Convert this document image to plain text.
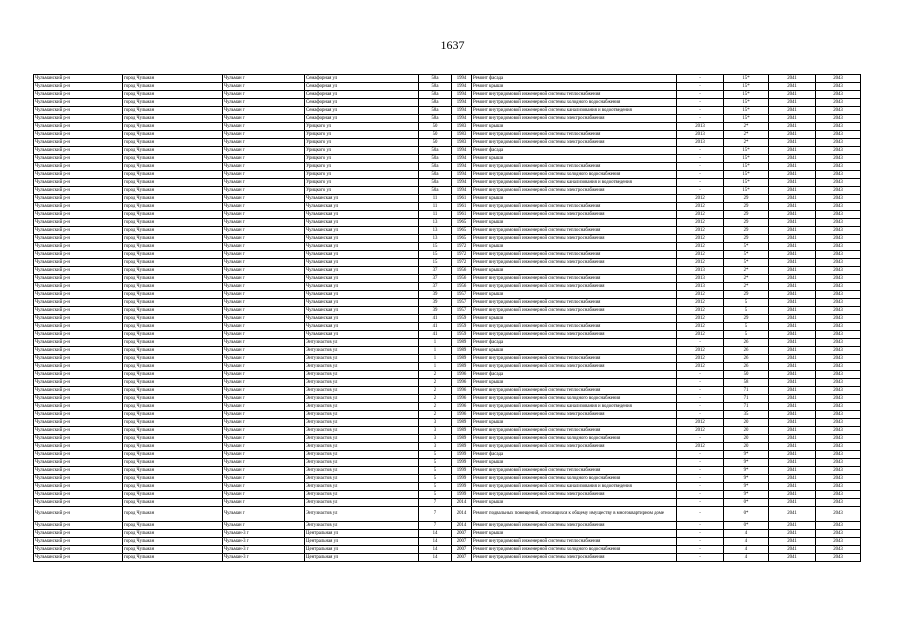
1637
Чульманский р-н	город Чульман	Чульман г	Семафорная ул	58а	1994	Ремонт фасада	-	15*	2041	2043
Чульманский р-н	город Чульман	Чульман г	Семафорная ул	58а	1994	Ремонт крыши	-	15*	2041	2043
Чульманский р-н	город Чульман	Чульман г	Семафорная ул	58а	1994	Ремонт внутридомовой инженерной системы теплоснабжения	-	15*	2041	2043
Чульманский р-н	город Чульман	Чульман г	Семафорная ул	58а	1994	Ремонт внутридомовой инженерной системы холодного водоснабжения	-	15*	2041	2043
Чульманский р-н	город Чульман	Чульман г	Семафорная ул	58а	1994	Ремонт внутридомовой инженерной системы канализования и водоотведения	-	15*	2041	2043
Чульманский р-н	город Чульман	Чульман г	Семафорная ул	58а	1994	Ремонт внутридомовой инженерной системы электроснабжения	-	15*	2041	2043
Чульманский р-н	город Чульман	Чульман г	Урицкого ул	50	1983	Ремонт крыши	2013	2*	2041	2043
Чульманский р-н	город Чульман	Чульман г	Урицкого ул	50	1983	Ремонт внутридомовой инженерной системы теплоснабжения	2013	2*	2041	2043
Чульманский р-н	город Чульман	Чульман г	Урицкого ул	50	1983	Ремонт внутридомовой инженерной системы электроснабжения	2013	2*	2041	2043
Чульманский р-н	город Чульман	Чульман г	Урицкого ул	50а	1994	Ремонт фасада	-	15*	2041	2043
Чульманский р-н	город Чульман	Чульман г	Урицкого ул	50а	1994	Ремонт крыши	-	15*	2041	2043
Чульманский р-н	город Чульман	Чульман г	Урицкого ул	50а	1994	Ремонт внутридомовой инженерной системы теплоснабжения	-	15*	2041	2043
Чульманский р-н	город Чульман	Чульман г	Урицкого ул	50а	1994	Ремонт внутридомовой инженерной системы холодного водоснабжения	-	15*	2041	2043
Чульманский р-н	город Чульман	Чульман г	Урицкого ул	50а	1994	Ремонт внутридомовой инженерной системы канализования и водоотведения	-	15*	2041	2043
Чульманский р-н	город Чульман	Чульман г	Урицкого ул	50а	1994	Ремонт внутридомовой инженерной системы электроснабжения	-	15*	2041	2043
Чульманский р-н	город Чульман	Чульман г	Чульманская ул	11	1961	Ремонт крыши	2012	29	2041	2043
Чульманский р-н	город Чульман	Чульман г	Чульманская ул	11	1961	Ремонт внутридомовой инженерной системы теплоснабжения	2012	29	2041	2043
Чульманский р-н	город Чульман	Чульман г	Чульманская ул	11	1961	Ремонт внутридомовой инженерной системы электроснабжения	2012	29	2041	2043
Чульманский р-н	город Чульман	Чульман г	Чульманская ул	13	1965	Ремонт крыши	2012	29	2041	2043
Чульманский р-н	город Чульман	Чульман г	Чульманская ул	13	1965	Ремонт внутридомовой инженерной системы теплоснабжения	2012	29	2041	2043
Чульманский р-н	город Чульман	Чульман г	Чульманская ул	13	1965	Ремонт внутридомовой инженерной системы электроснабжения	2012	29	2041	2043
Чульманский р-н	город Чульман	Чульман г	Чульманская ул	15	1972	Ремонт крыши	2012	5*	2041	2043
Чульманский р-н	город Чульман	Чульман г	Чульманская ул	15	1972	Ремонт внутридомовой инженерной системы теплоснабжения	2012	5*	2041	2043
Чульманский р-н	город Чульман	Чульман г	Чульманская ул	15	1972	Ремонт внутридомовой инженерной системы электроснабжения	2012	5*	2041	2043
Чульманский р-н	город Чульман	Чульман г	Чульманская ул	37	1956	Ремонт крыши	2013	2*	2041	2043
Чульманский р-н	город Чульман	Чульман г	Чульманская ул	37	1956	Ремонт внутридомовой инженерной системы теплоснабжения	2013	2*	2041	2043
Чульманский р-н	город Чульман	Чульман г	Чульманская ул	37	1956	Ремонт внутридомовой инженерной системы электроснабжения	2013	2*	2041	2043
Чульманский р-н	город Чульман	Чульман г	Чульманская ул	39	1957	Ремонт крыши	2012	29	2041	2043
Чульманский р-н	город Чульман	Чульман г	Чульманская ул	39	1957	Ремонт внутридомовой инженерной системы теплоснабжения	2012	5	2041	2043
Чульманский р-н	город Чульман	Чульман г	Чульманская ул	39	1957	Ремонт внутридомовой инженерной системы электроснабжения	2012	5	2041	2043
Чульманский р-н	город Чульман	Чульман г	Чульманская ул	41	1959	Ремонт крыши	2012	29	2041	2043
Чульманский р-н	город Чульман	Чульман г	Чульманская ул	41	1959	Ремонт внутридомовой инженерной системы теплоснабжения	2012	5	2041	2043
Чульманский р-н	город Чульман	Чульман г	Чульманская ул	41	1959	Ремонт внутридомовой инженерной системы электроснабжения	2012	5	2041	2043
Чульманский р-н	город Чульман	Чульман г	Энтузиастов ул	1	1989	Ремонт фасада	-	26	2041	2043
Чульманский р-н	город Чульман	Чульман г	Энтузиастов ул	1	1989	Ремонт крыши	2012	26	2041	2043
Чульманский р-н	город Чульман	Чульман г	Энтузиастов ул	1	1989	Ремонт внутридомовой инженерной системы теплоснабжения	2012	26	2041	2043
Чульманский р-н	город Чульман	Чульман г	Энтузиастов ул	1	1989	Ремонт внутридомовой инженерной системы электроснабжения	2012	26	2041	2043
Чульманский р-н	город Чульман	Чульман г	Энтузиастов ул	2	1996	Ремонт фасада	-	50	2041	2043
Чульманский р-н	город Чульман	Чульман г	Энтузиастов ул	2	1996	Ремонт крыши	-	58	2041	2043
Чульманский р-н	город Чульман	Чульман г	Энтузиастов ул	2	1996	Ремонт внутридомовой инженерной системы теплоснабжения	-	71	2041	2043
Чульманский р-н	город Чульман	Чульман г	Энтузиастов ул	2	1996	Ремонт внутридомовой инженерной системы холодного водоснабжения	-	71	2041	2043
Чульманский р-н	город Чульман	Чульман г	Энтузиастов ул	2	1996	Ремонт внутридомовой инженерной системы канализования и водоотведения	-	71	2041	2043
Чульманский р-н	город Чульман	Чульман г	Энтузиастов ул	2	1996	Ремонт внутридомовой инженерной системы электроснабжения	-	35	2041	2043
Чульманский р-н	город Чульман	Чульман г	Энтузиастов ул	3	1989	Ремонт крыши	2012	20	2041	2043
Чульманский р-н	город Чульман	Чульман г	Энтузиастов ул	3	1989	Ремонт внутридомовой инженерной системы теплоснабжения	2012	20	2041	2043
Чульманский р-н	город Чульман	Чульман г	Энтузиастов ул	3	1989	Ремонт внутридомовой инженерной системы холодного водоснабжения	-	20	2041	2043
Чульманский р-н	город Чульман	Чульман г	Энтузиастов ул	3	1989	Ремонт внутридомовой инженерной системы электроснабжения	2012	20	2041	2043
Чульманский р-н	город Чульман	Чульман г	Энтузиастов ул	5	1999	Ремонт фасада	-	9*	2041	2043
Чульманский р-н	город Чульман	Чульман г	Энтузиастов ул	5	1999	Ремонт крыши	-	9*	2041	2043
Чульманский р-н	город Чульман	Чульман г	Энтузиастов ул	5	1999	Ремонт внутридомовой инженерной системы теплоснабжения	-	9*	2041	2043
Чульманский р-н	город Чульман	Чульман г	Энтузиастов ул	5	1999	Ремонт внутридомовой инженерной системы холодного водоснабжения	-	9*	2041	2043
Чульманский р-н	город Чульман	Чульман г	Энтузиастов ул	5	1999	Ремонт внутридомовой инженерной системы канализования и водоотведения	-	9*	2041	2043
Чульманский р-н	город Чульман	Чульман г	Энтузиастов ул	5	1999	Ремонт внутридомовой инженерной системы электроснабжения	-	9*	2041	2043
Чульманский р-н	город Чульман	Чульман г	Энтузиастов ул	7	2014	Ремонт крыши	-	0*	2041	2043
Чульманский р-н	город Чульман	Чульман г	Энтузиастов ул	7	2014	Ремонт подвальных помещений, относящихся к общему имуществу в многоквартирном доме	-	0*	2041	2043
Чульманский р-н	город Чульман	Чульман г	Энтузиастов ул	7	2014	Ремонт внутридомовой инженерной системы электроснабжения	-	0*	2041	2043
Чульманский р-н	город Чульман	Чульман-3 г	Центральная ул	14	2007	Ремонт крыши	-	4	2041	2043
Чульманский р-н	город Чульман	Чульман-3 г	Центральная ул	14	2007	Ремонт внутридомовой инженерной системы теплоснабжения	-	4	2041	2043
Чульманский р-н	город Чульман	Чульман-3 г	Центральная ул	14	2007	Ремонт внутридомовой инженерной системы холодного водоснабжения	-	4	2041	2043
Чульманский р-н	город Чульман	Чульман-3 г	Центральная ул	14	2007	Ремонт внутридомовой инженерной системы электроснабжения	-	4	2041	2043
